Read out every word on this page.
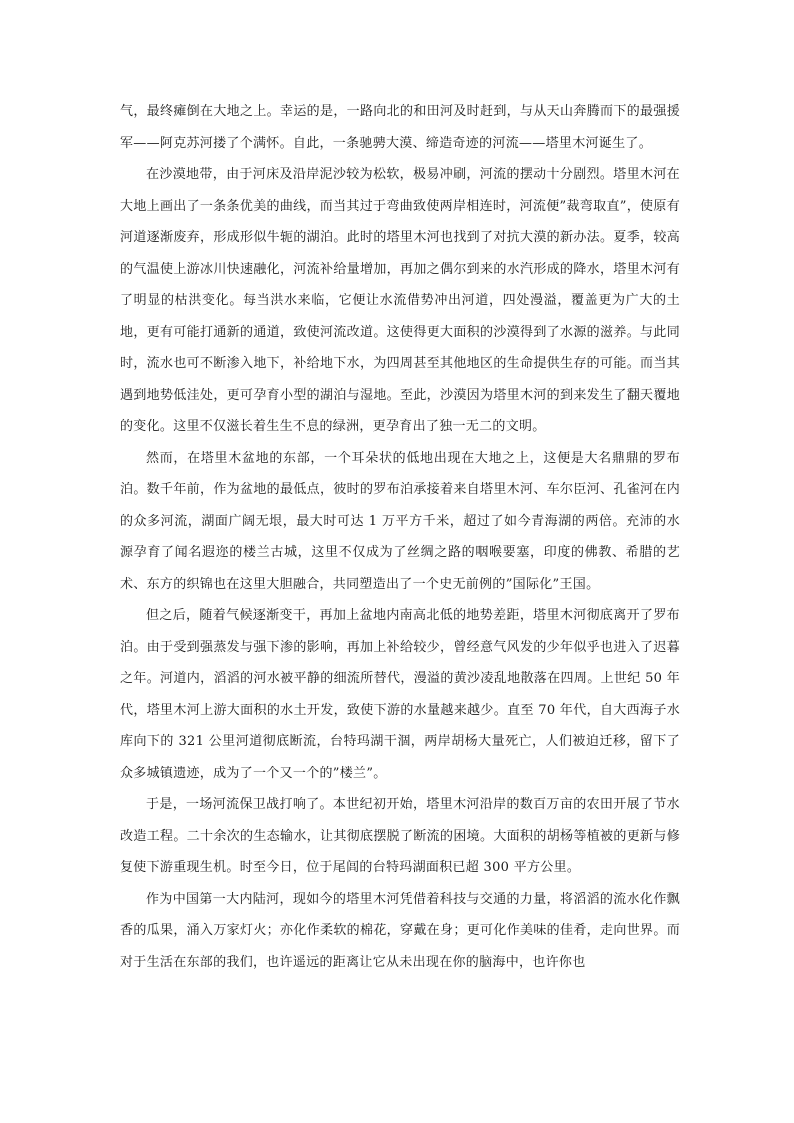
气，最终瘫倒在大地之上。幸运的是，一路向北的和田河及时赶到，与从天山奔腾而下的最强援军——阿克苏河搂了个满怀。自此，一条驰骋大漠、缔造奇迹的河流——塔里木河诞生了。

在沙漠地带，由于河床及沿岸泥沙较为松软，极易冲刷，河流的摆动十分剧烈。塔里木河在大地上画出了一条条优美的曲线，而当其过于弯曲致使两岸相连时，河流便”裁弯取直”，使原有河道逐渐废弃，形成形似牛轭的湖泊。此时的塔里木河也找到了对抗大漠的新办法。夏季，较高的气温使上游冰川快速融化，河流补给量增加，再加之偶尔到来的水汽形成的降水，塔里木河有了明显的枯洪变化。每当洪水来临，它便让水流借势冲出河道，四处漫溢，覆盖更为广大的土地，更有可能打通新的通道，致使河流改道。这使得更大面积的沙漠得到了水源的滋养。与此同时，流水也可不断渗入地下，补给地下水，为四周甚至其他地区的生命提供生存的可能。而当其遇到地势低洼处，更可孕育小型的湖泊与湿地。至此，沙漠因为塔里木河的到来发生了翻天覆地的变化。这里不仅滋长着生生不息的绿洲，更孕育出了独一无二的文明。

然而，在塔里木盆地的东部，一个耳朵状的低地出现在大地之上，这便是大名鼎鼎的罗布泊。数千年前，作为盆地的最低点，彼时的罗布泊承接着来自塔里木河、车尔臣河、孔雀河在内的众多河流，湖面广阔无垠，最大时可达 1 万平方千米，超过了如今青海湖的两倍。充沛的水源孕育了闻名遐迩的楼兰古城，这里不仅成为了丝绸之路的咽喉要塞，印度的佛教、希腊的艺术、东方的织锦也在这里大胆融合，共同塑造出了一个史无前例的”国际化”王国。

但之后，随着气候逐渐变干，再加上盆地内南高北低的地势差距，塔里木河彻底离开了罗布泊。由于受到强蒸发与强下渗的影响，再加上补给较少，曾经意气风发的少年似乎也进入了迟暮之年。河道内，滔滔的河水被平静的细流所替代，漫溢的黄沙凌乱地散落在四周。上世纪 50 年代，塔里木河上游大面积的水土开发，致使下游的水量越来越少。直至 70 年代，自大西海子水库向下的 321 公里河道彻底断流，台特玛湖干涸，两岸胡杨大量死亡，人们被迫迁移，留下了众多城镇遗迹，成为了一个又一个的”楼兰”。

于是，一场河流保卫战打响了。本世纪初开始，塔里木河沿岸的数百万亩的农田开展了节水改造工程。二十余次的生态输水，让其彻底摆脱了断流的困境。大面积的胡杨等植被的更新与修复使下游重现生机。时至今日，位于尾闾的台特玛湖面积已超 300 平方公里。

作为中国第一大内陆河，现如今的塔里木河凭借着科技与交通的力量，将滔滔的流水化作飘香的瓜果，涌入万家灯火；亦化作柔软的棉花，穿戴在身；更可化作美味的佳肴，走向世界。而对于生活在东部的我们，也许遥远的距离让它从未出现在你的脑海中，也许你也
